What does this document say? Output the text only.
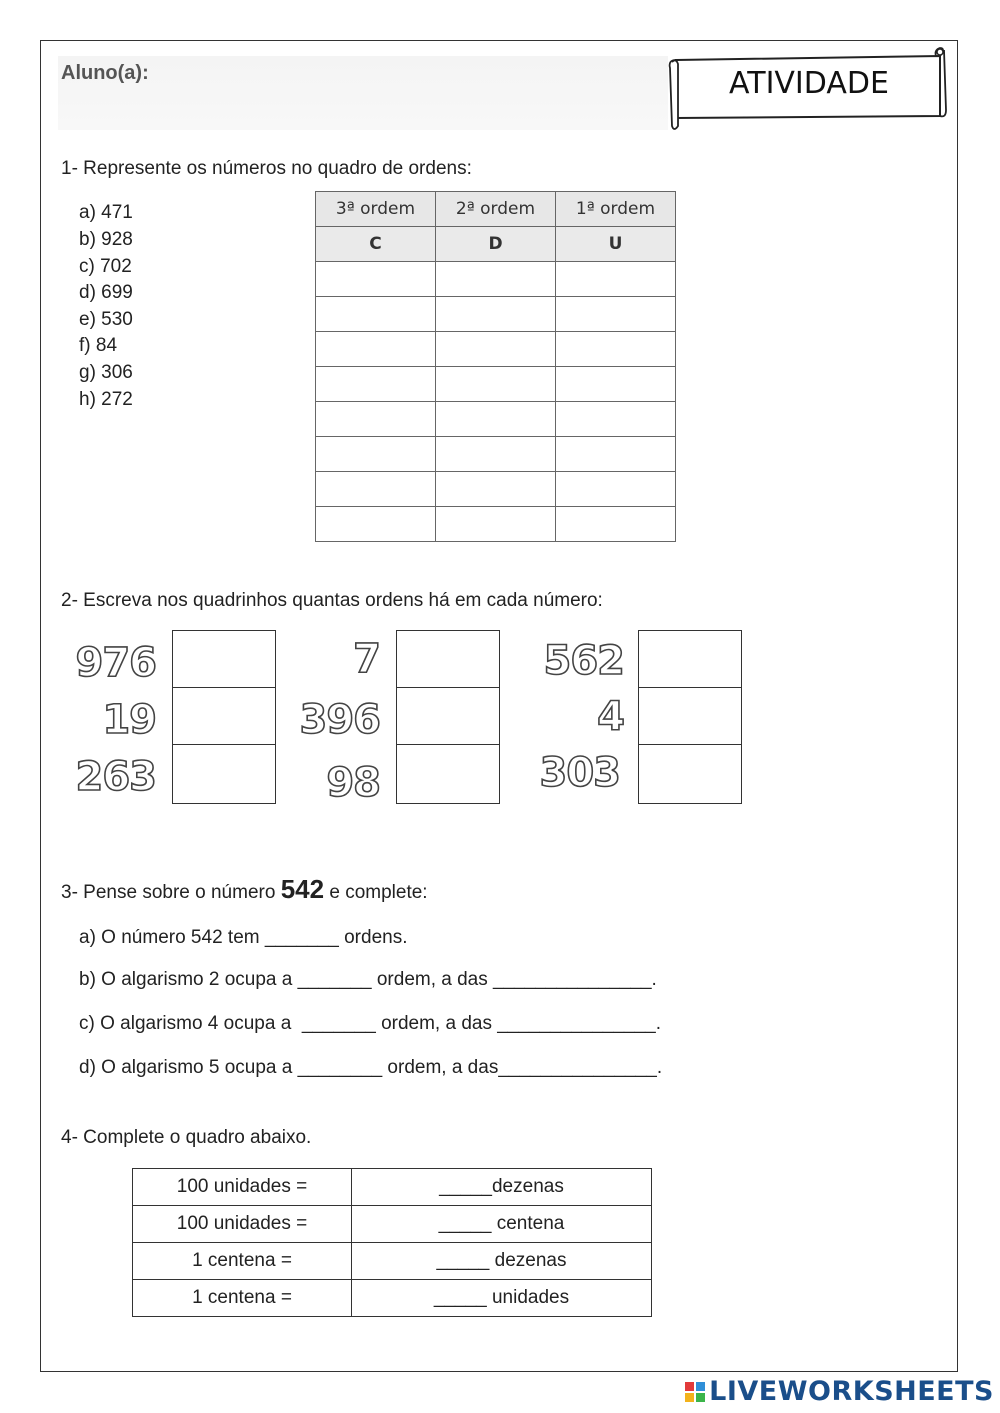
Aluno(a):	ATIVIDADE
1- Represente os números no quadro de ordens:
a) 471
b) 928
c) 702
d) 699
e) 530
f) 84
g) 306
h) 272
3ª ordem	2ª ordem	1ª ordem
C	D	U

2- Escreva nos quadrinhos quantas ordens há em cada número:
976
19
263
7
396
98
562
4
303
3- Pense sobre o número 542 e complete:
a) O número 542 tem _______ ordens.
b) O algarismo 2 ocupa a _______ ordem, a das _______________.
c) O algarismo 4 ocupa a  _______ ordem, a das _______________.
d) O algarismo 5 ocupa a ________ ordem, a das_______________.
4- Complete o quadro abaixo.
100 unidades =	_____dezenas
100 unidades =	_____ centena
1 centena =	_____ dezenas
1 centena =	_____ unidades
LIVEWORKSHEETS
